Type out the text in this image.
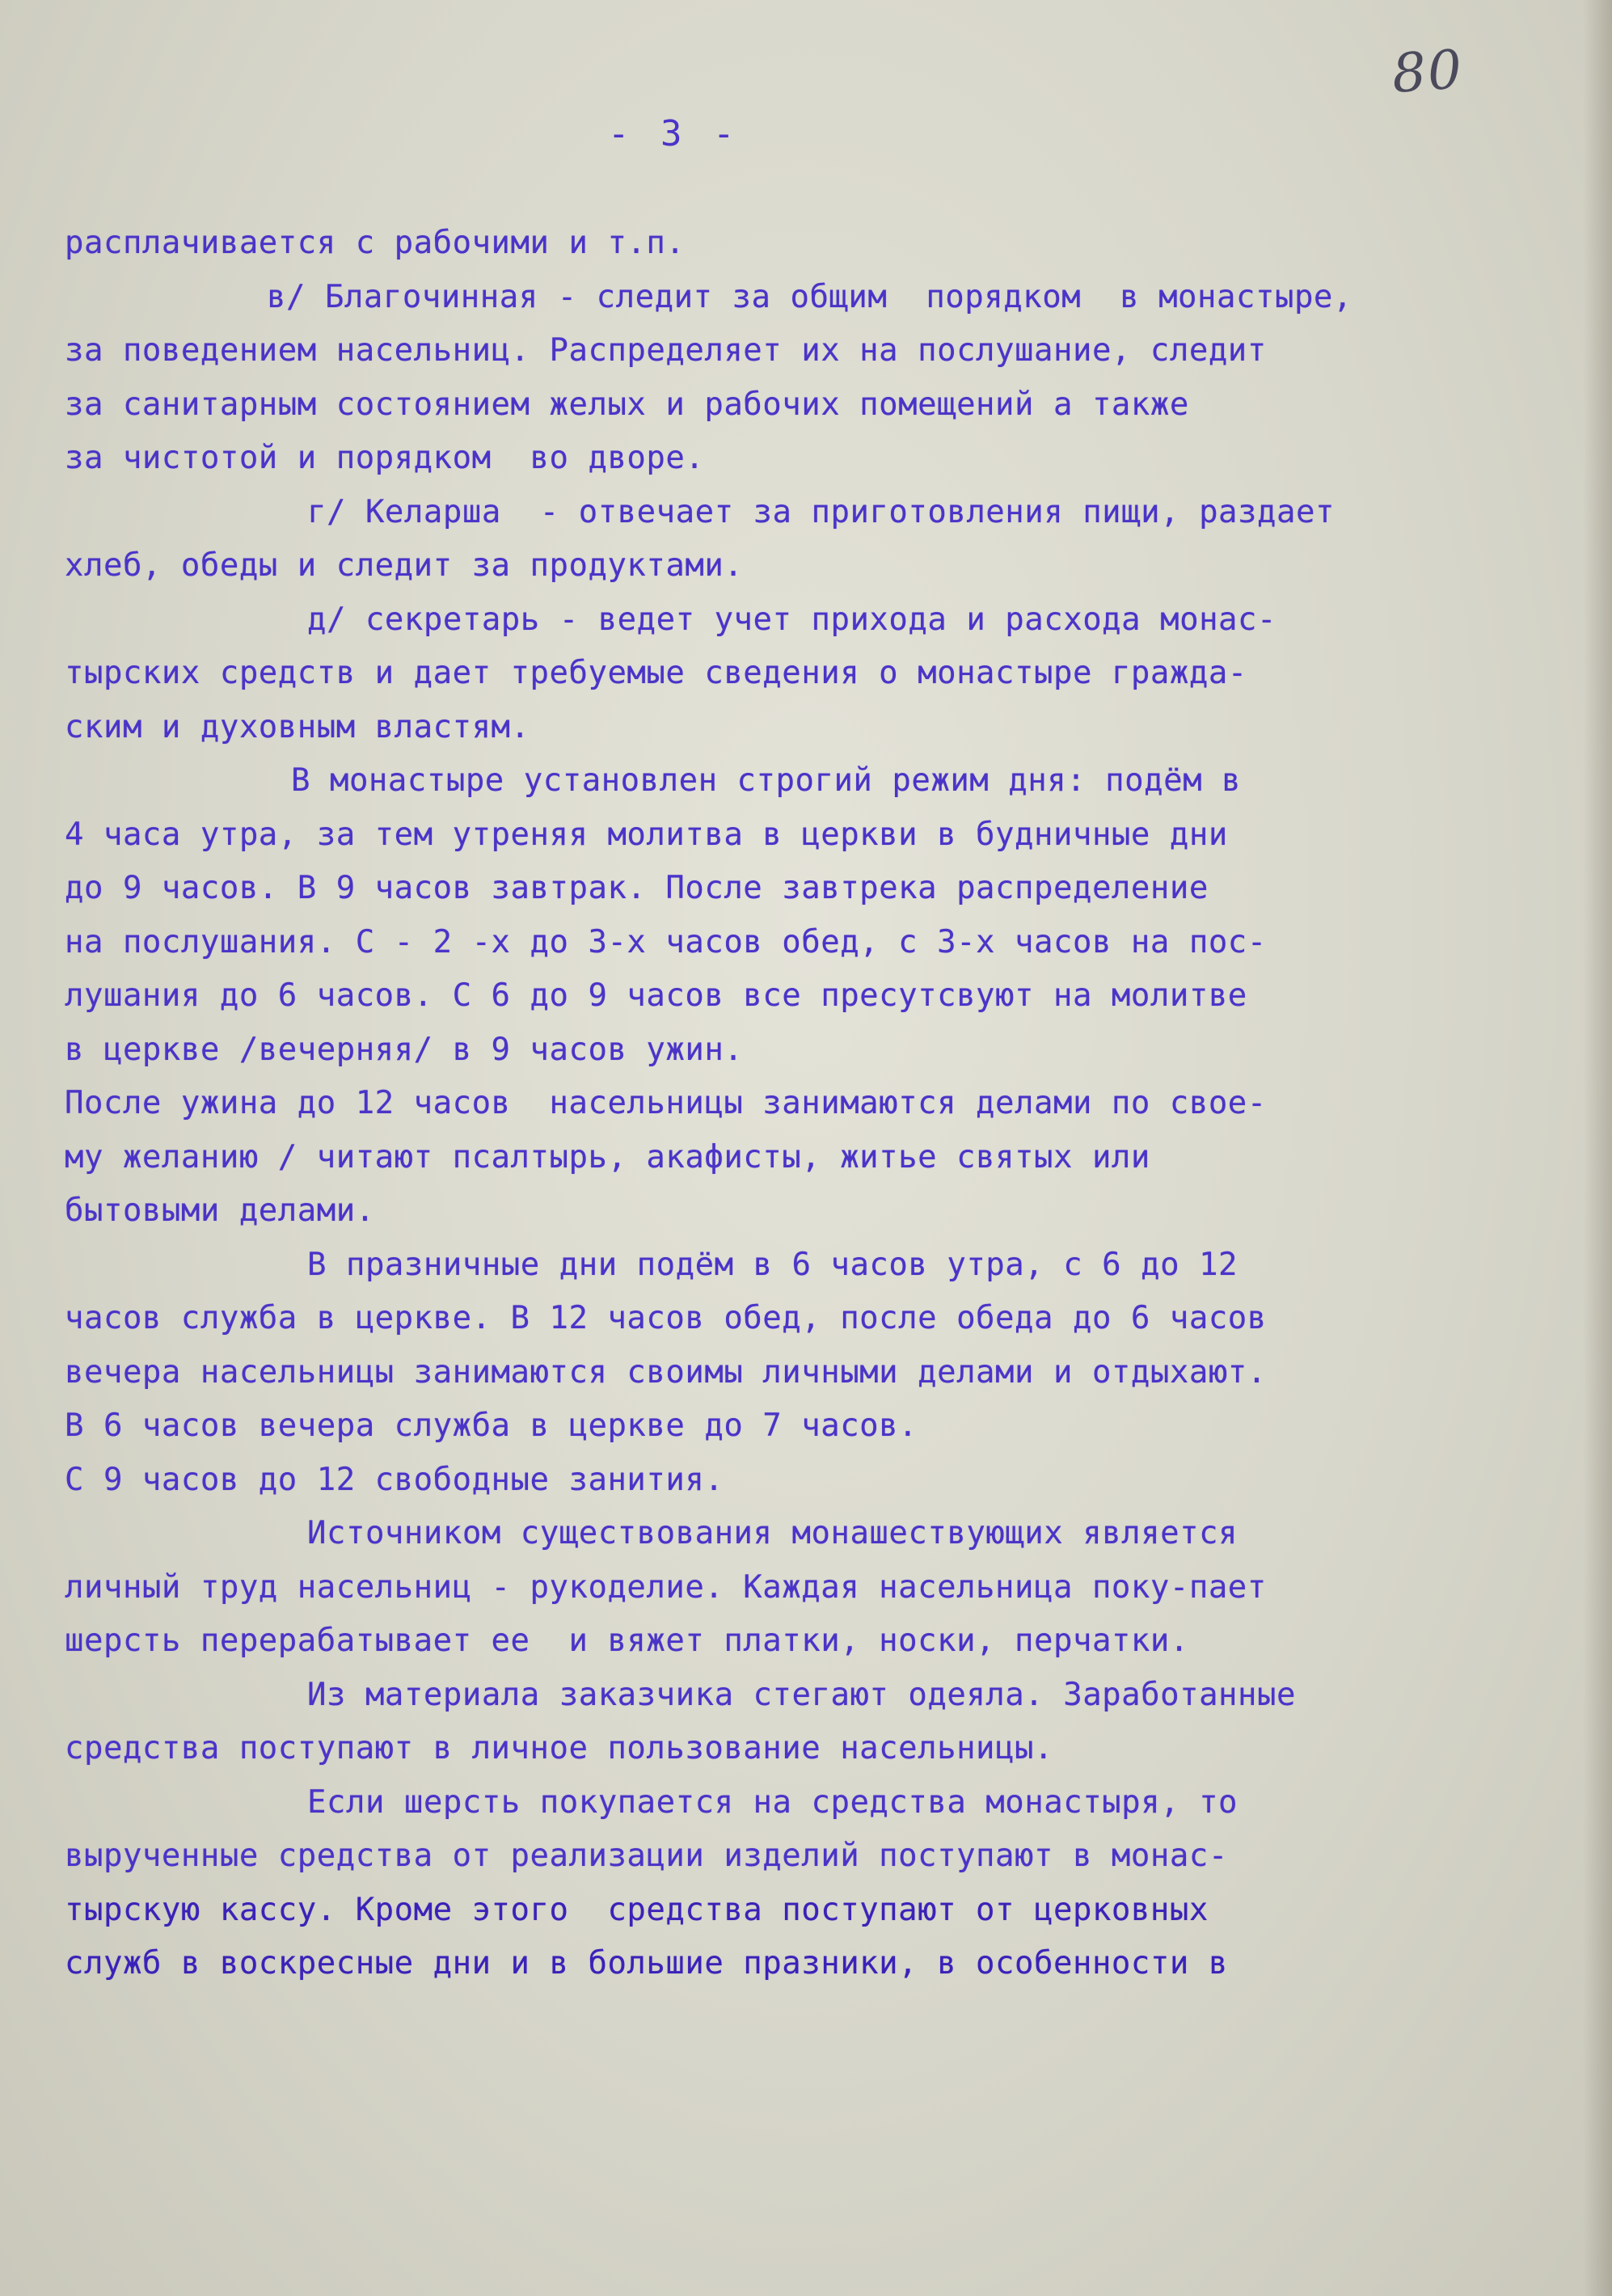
80
- 3 -
расплачивается с рабочими и т.п.
в/ Благочинная - следит за общим  порядком  в монастыре,
за поведением насельниц. Распределяет их на послушание, следит
за санитарным состоянием желых и рабочих помещений а также
за чистотой и порядком  во дворе.
г/ Келарша  - отвечает за приготовления пищи, раздает
хлеб, обеды и следит за продуктами.
д/ секретарь - ведет учет прихода и расхода монас-
тырских средств и дает требуемые сведения о монастыре гражда-
ским и духовным властям.
В монастыре установлен строгий режим дня: подём в
4 часа утра, за тем утреняя молитва в церкви в будничные дни
до 9 часов. В 9 часов завтрак. После завтрека распределение
на послушания. С - 2 -х до 3-х часов обед, с 3-х часов на пос-
лушания до 6 часов. С 6 до 9 часов все пресутсвуют на молитве
в церкве /вечерняя/ в 9 часов ужин.
После ужина до 12 часов  насельницы занимаются делами по свое-
му желанию / читают псалтырь, акафисты, житье святых или
бытовыми делами.
В празничные дни подём в 6 часов утра, с 6 до 12
часов служба в церкве. В 12 часов обед, после обеда до 6 часов
вечера насельницы занимаются своимы личными делами и отдыхают.
В 6 часов вечера служба в церкве до 7 часов.
С 9 часов до 12 свободные занития.
Источником существования монашествующих является
личный труд насельниц - рукоделие. Каждая насельница поку-пает
шерсть перерабатывает ее  и вяжет платки, носки, перчатки.
Из материала заказчика стегают одеяла. Заработанные
средства поступают в личное пользование насельницы.
Если шерсть покупается на средства монастыря, то
вырученные средства от реализации изделий поступают в монас-
тырскую кассу. Кроме этого  средства поступают от церковных
служб в воскресные дни и в большие празники, в особенности в
